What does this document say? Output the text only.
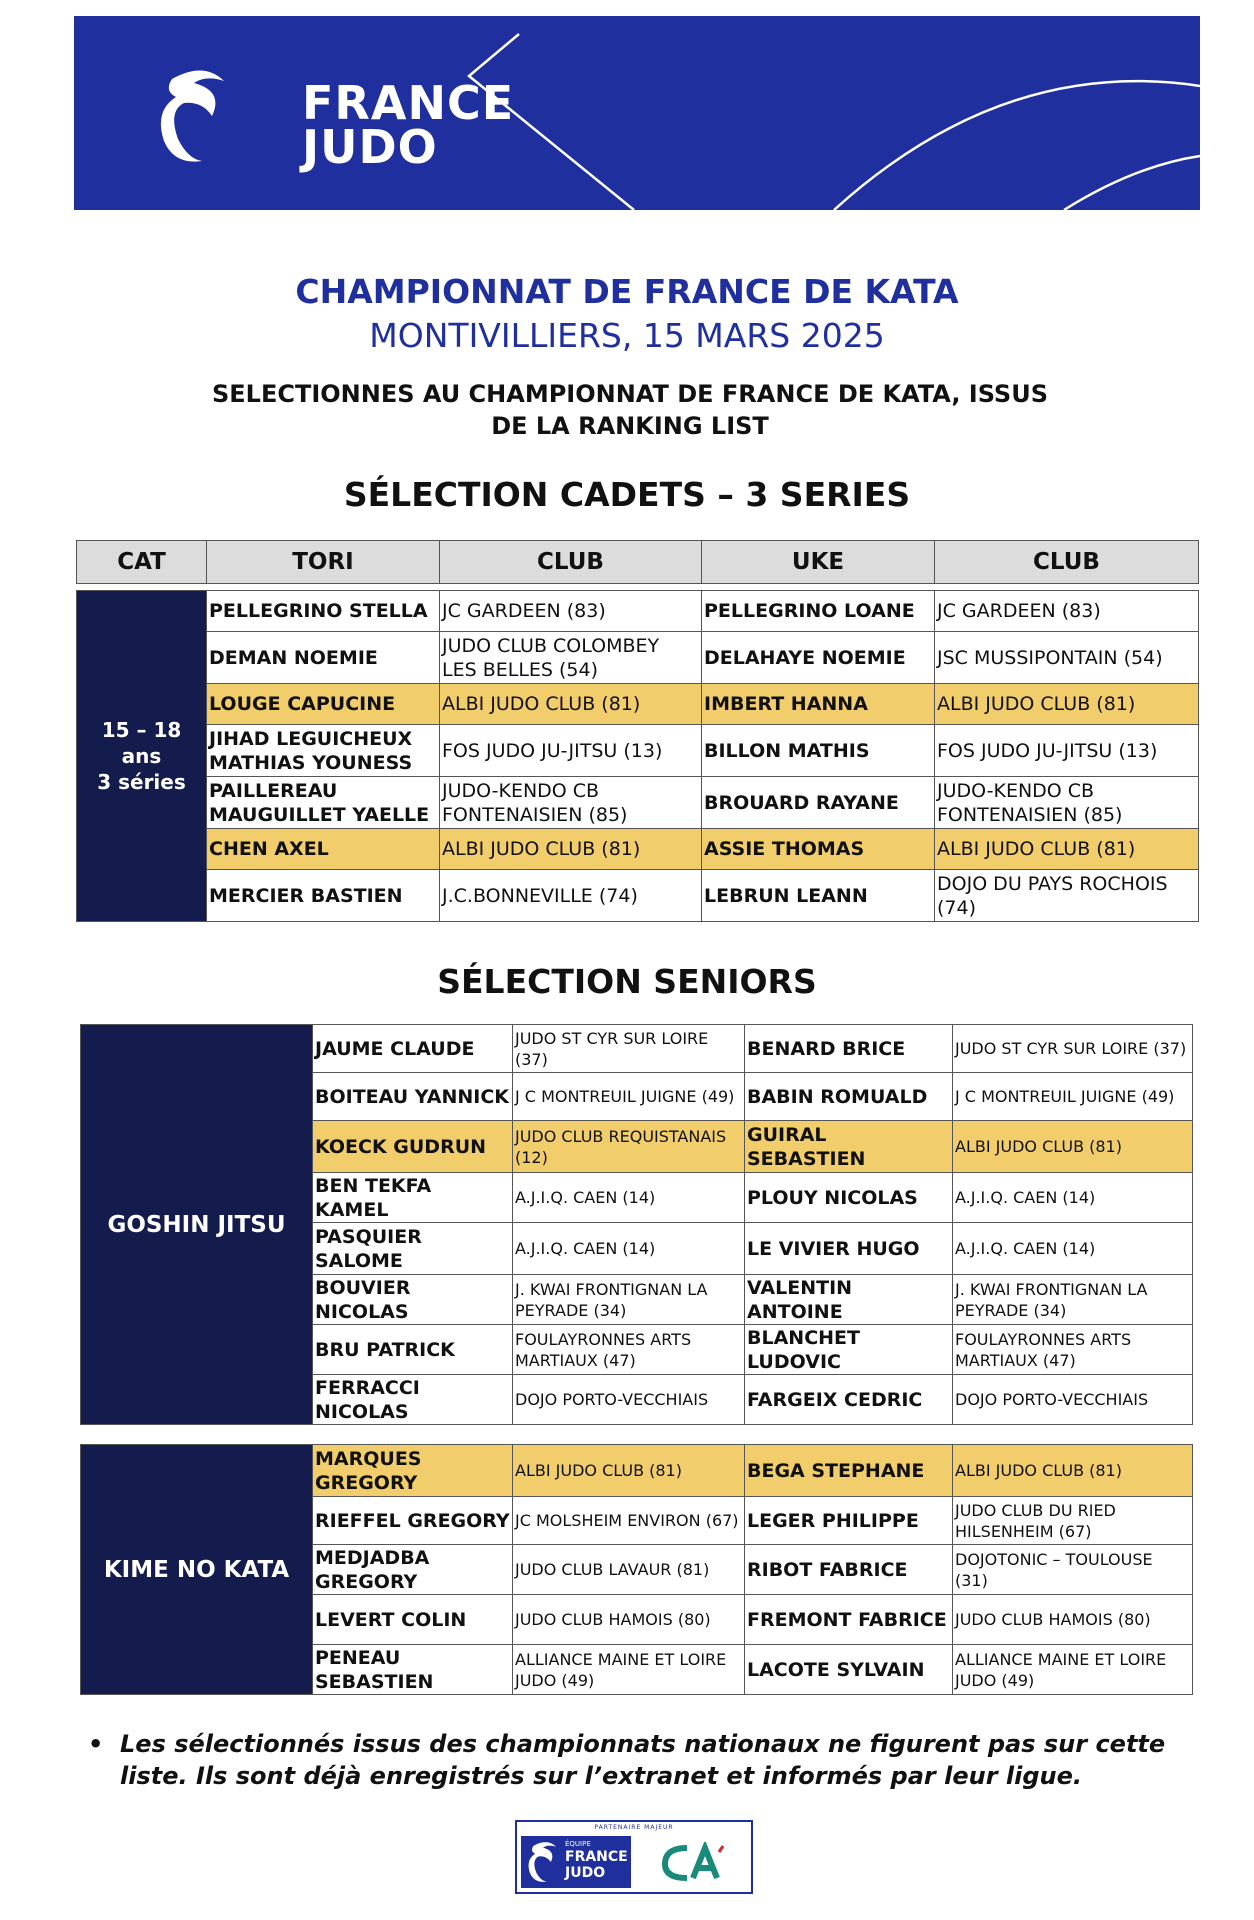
FRANCE
JUDO
CHAMPIONNAT DE FRANCE DE KATA
MONTIVILLIERS, 15 MARS 2025
SELECTIONNES AU CHAMPIONNAT DE FRANCE DE KATA, ISSUS
DE LA RANKING LIST
SÉLECTION CADETS – 3 SERIES
CAT	TORI	CLUB	UKE	CLUB
15 – 18 ans
3 séries	PELLEGRINO STELLA	JC GARDEEN (83)	PELLEGRINO LOANE	JC GARDEEN (83)
	DEMAN NOEMIE	JUDO CLUB COLOMBEY LES BELLES (54)	DELAHAYE NOEMIE	JSC MUSSIPONTAIN (54)
	LOUGE CAPUCINE	ALBI JUDO CLUB (81)	IMBERT HANNA	ALBI JUDO CLUB (81)
	JIHAD LEGUICHEUX MATHIAS YOUNESS	FOS JUDO JU-JITSU (13)	BILLON MATHIS	FOS JUDO JU-JITSU (13)
	PAILLEREAU MAUGUILLET YAELLE	JUDO-KENDO CB FONTENAISIEN (85)	BROUARD RAYANE	JUDO-KENDO CB FONTENAISIEN (85)
	CHEN AXEL	ALBI JUDO CLUB (81)	ASSIE THOMAS	ALBI JUDO CLUB (81)
	MERCIER BASTIEN	J.C.BONNEVILLE (74)	LEBRUN LEANN	DOJO DU PAYS ROCHOIS (74)
SÉLECTION SENIORS
GOSHIN JITSU	JAUME CLAUDE	JUDO ST CYR SUR LOIRE (37)	BENARD BRICE	JUDO ST CYR SUR LOIRE (37)
	BOITEAU YANNICK	J C MONTREUIL JUIGNE (49)	BABIN ROMUALD	J C MONTREUIL JUIGNE (49)
	KOECK GUDRUN	JUDO CLUB REQUISTANAIS (12)	GUIRAL SEBASTIEN	ALBI JUDO CLUB (81)
	BEN TEKFA KAMEL	A.J.I.Q. CAEN (14)	PLOUY NICOLAS	A.J.I.Q. CAEN (14)
	PASQUIER SALOME	A.J.I.Q. CAEN (14)	LE VIVIER HUGO	A.J.I.Q. CAEN (14)
	BOUVIER NICOLAS	J. KWAI FRONTIGNAN LA PEYRADE (34)	VALENTIN ANTOINE	J. KWAI FRONTIGNAN LA PEYRADE (34)
	BRU PATRICK	FOULAYRONNES ARTS MARTIAUX (47)	BLANCHET LUDOVIC	FOULAYRONNES ARTS MARTIAUX (47)
	FERRACCI NICOLAS	DOJO PORTO-VECCHIAIS	FARGEIX CEDRIC	DOJO PORTO-VECCHIAIS
KIME NO KATA	MARQUES GREGORY	ALBI JUDO CLUB (81)	BEGA STEPHANE	ALBI JUDO CLUB (81)
	RIEFFEL GREGORY	JC MOLSHEIM ENVIRON (67)	LEGER PHILIPPE	JUDO CLUB DU RIED HILSENHEIM (67)
	MEDJADBA GREGORY	JUDO CLUB LAVAUR (81)	RIBOT FABRICE	DOJOTONIC – TOULOUSE (31)
	LEVERT COLIN	JUDO CLUB HAMOIS (80)	FREMONT FABRICE	JUDO CLUB HAMOIS (80)
	PENEAU SEBASTIEN	ALLIANCE MAINE ET LOIRE JUDO (49)	LACOTE SYLVAIN	ALLIANCE MAINE ET LOIRE JUDO (49)
• Les sélectionnés issus des championnats nationaux ne figurent pas sur cette liste. Ils sont déjà enregistrés sur l’extranet et informés par leur ligue.
PARTENAIRE MAJEUR
ÉQUIPE
FRANCE
JUDO
